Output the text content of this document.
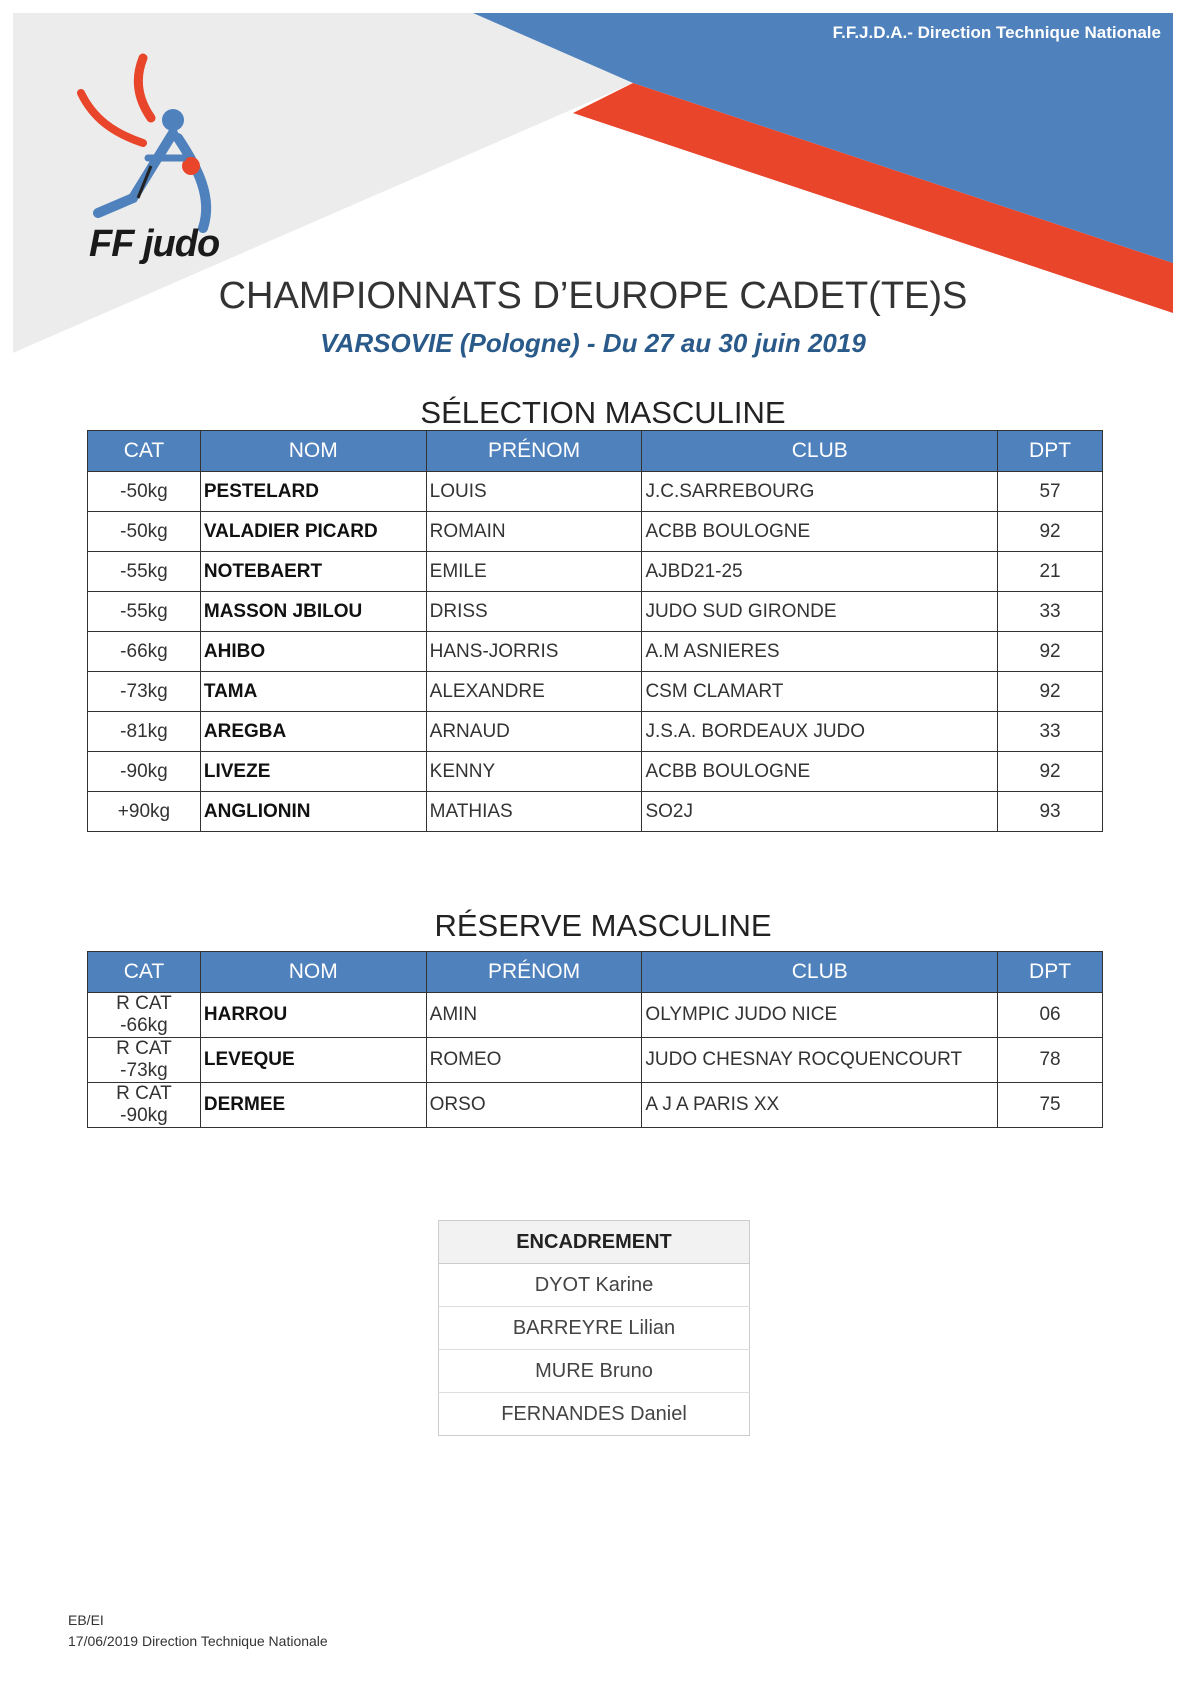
F.F.J.D.A.- Direction Technique Nationale
FF judo
CHAMPIONNATS D’EUROPE CADET(TE)S
VARSOVIE (Pologne) - Du 27 au 30 juin 2019
SÉLECTION MASCULINE
CAT	NOM	PRÉNOM	CLUB	DPT
-50kg	PESTELARD	LOUIS	J.C.SARREBOURG	57
-50kg	VALADIER PICARD	ROMAIN	ACBB BOULOGNE	92
-55kg	NOTEBAERT	EMILE	AJBD21-25	21
-55kg	MASSON JBILOU	DRISS	JUDO SUD GIRONDE	33
-66kg	AHIBO	HANS-JORRIS	A.M ASNIERES	92
-73kg	TAMA	ALEXANDRE	CSM CLAMART	92
-81kg	AREGBA	ARNAUD	J.S.A. BORDEAUX JUDO	33
-90kg	LIVEZE	KENNY	ACBB BOULOGNE	92
+90kg	ANGLIONIN	MATHIAS	SO2J	93
RÉSERVE MASCULINE
CAT	NOM	PRÉNOM	CLUB	DPT
R CAT -66kg	HARROU	AMIN	OLYMPIC JUDO NICE	06
R CAT -73kg	LEVEQUE	ROMEO	JUDO CHESNAY ROCQUENCOURT	78
R CAT -90kg	DERMEE	ORSO	A J A PARIS XX	75
ENCADREMENT
DYOT Karine
BARREYRE Lilian
MURE Bruno
FERNANDES Daniel
EB/EI
17/06/2019 Direction Technique Nationale
